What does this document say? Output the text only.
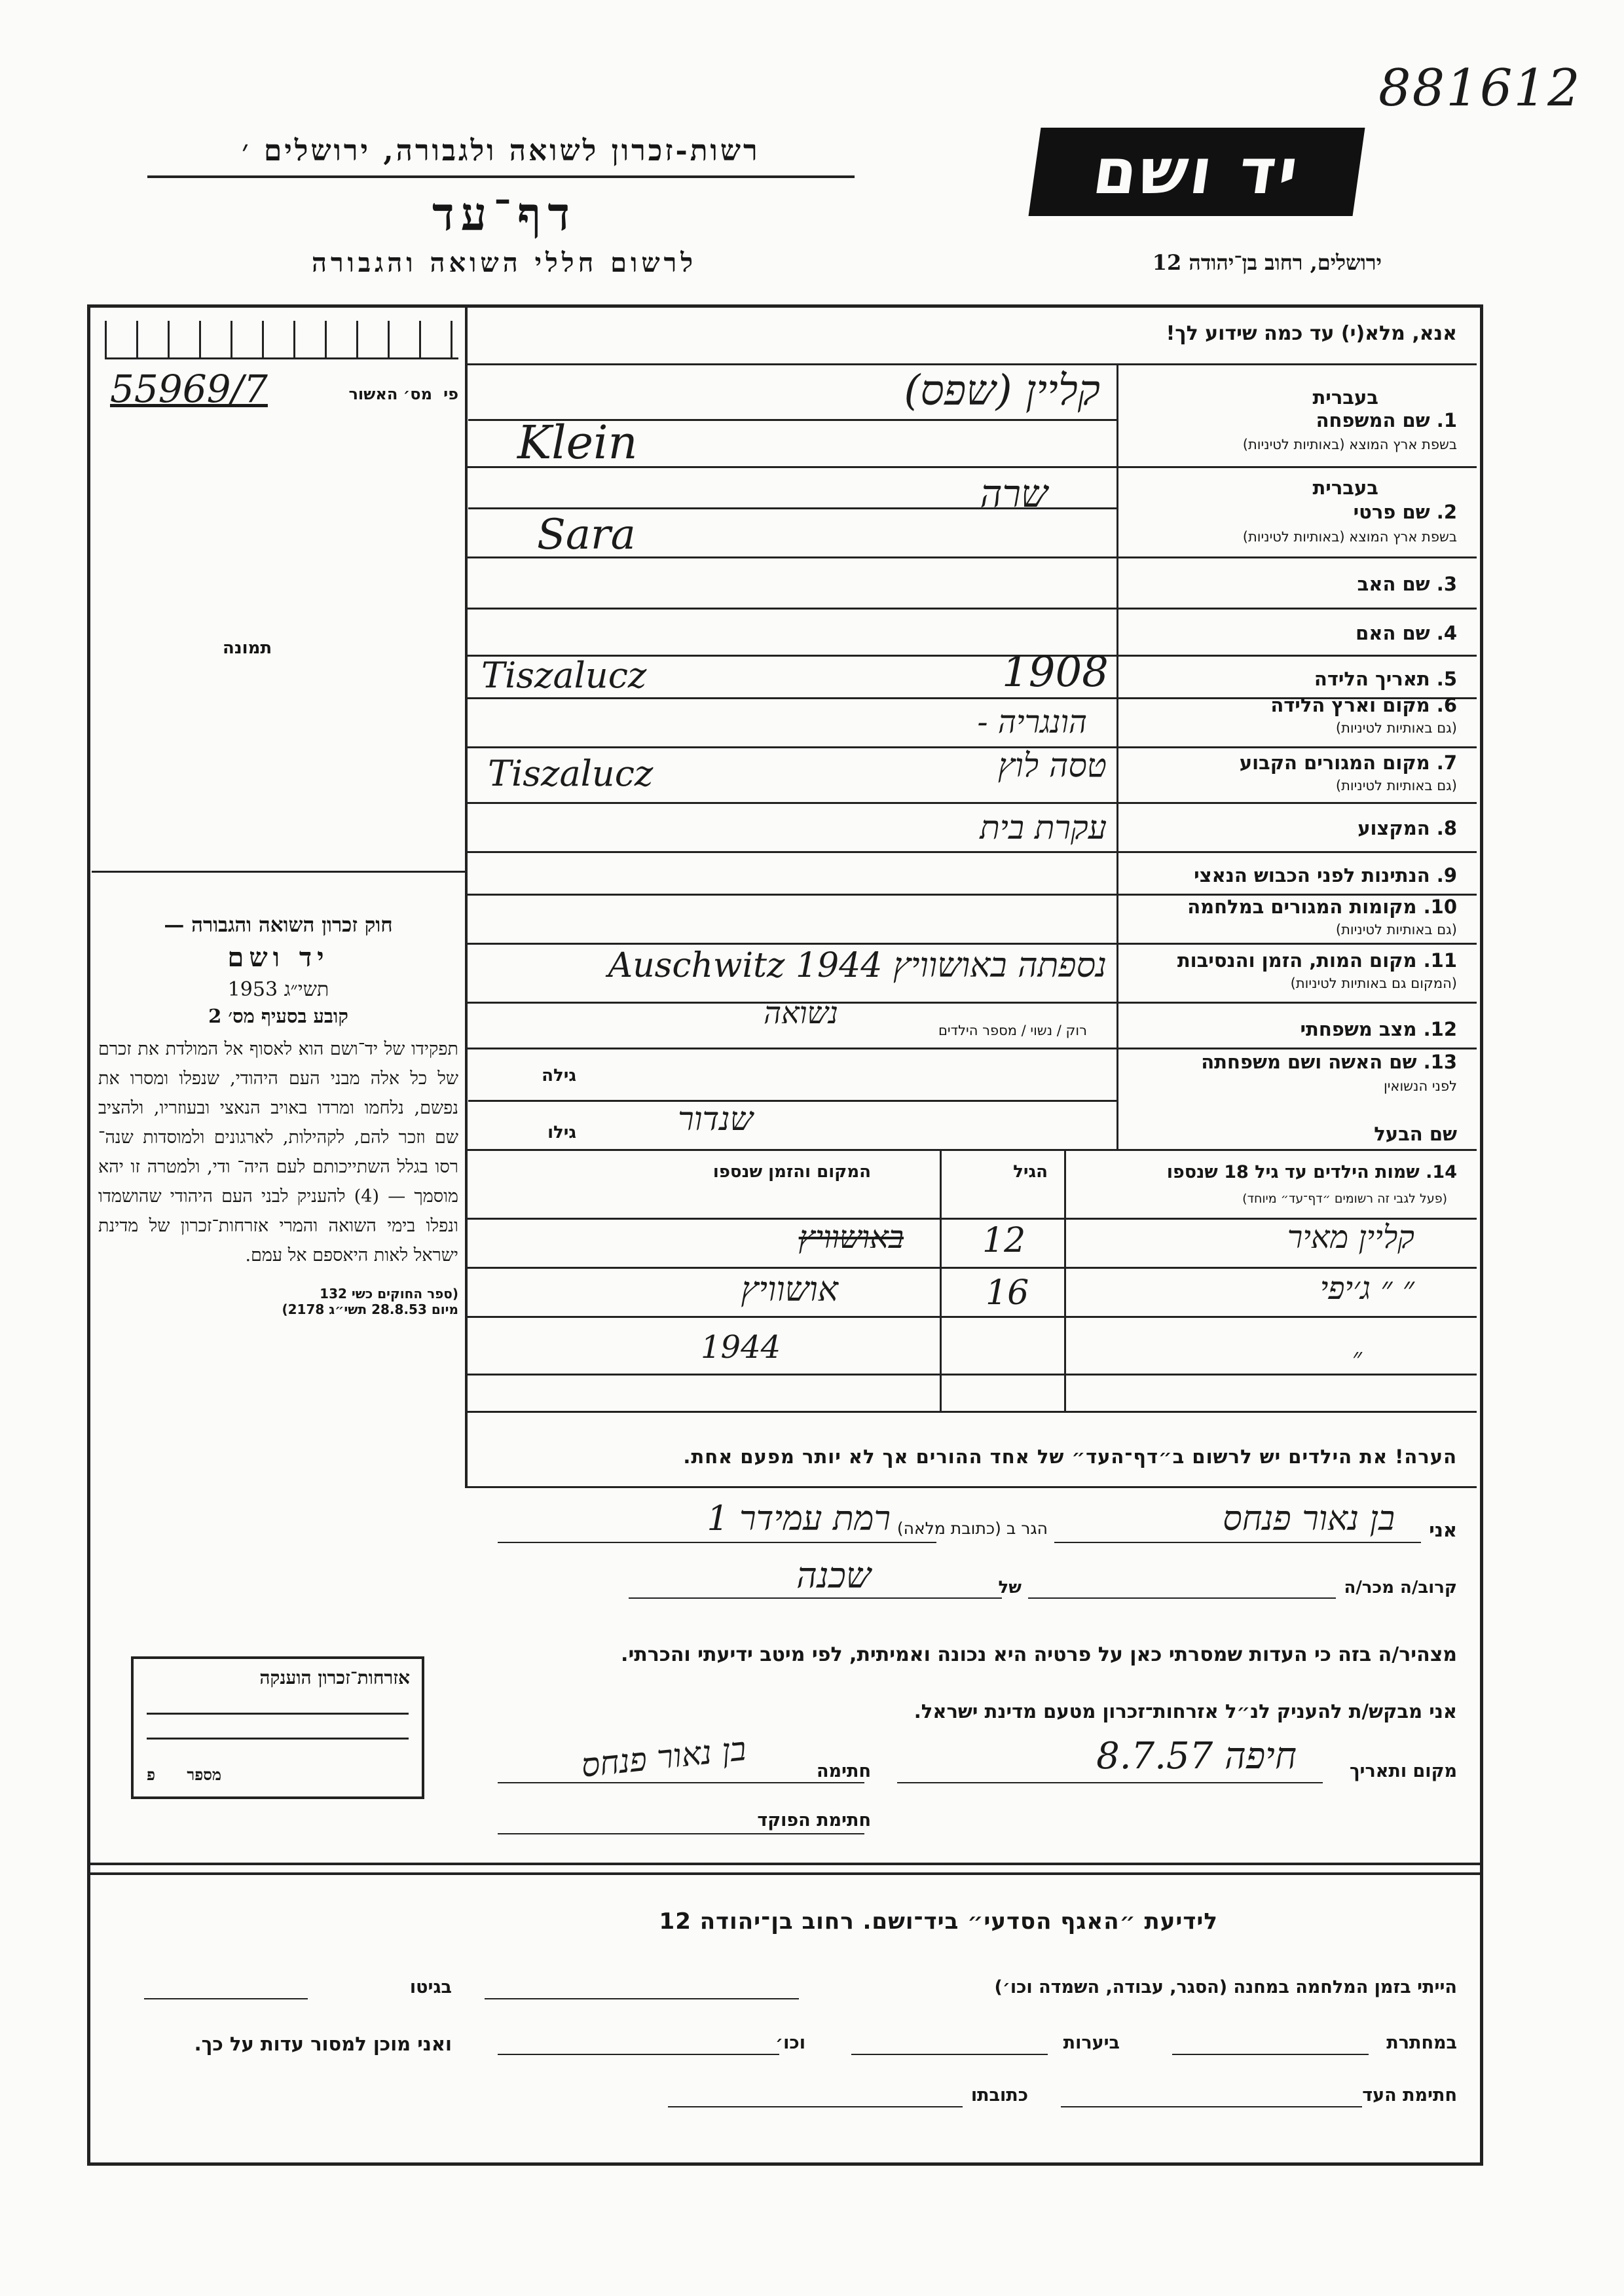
881612
רשות-זכרון לשואה ולגבורה, ירושלים ׳
דף־עד
לרשום חללי השואה והגבורה
יד ושם
ירושלים, רחוב בן־יהודה 12
פי
מס׳ האשור
55969/7
תמונה
חוק זכרון השואה והגבורה —
יד ושם
תשי״ג 1953
קובע בסעיף מס׳ 2
תפקידו של יד־ושם הוא לאסוף אל המולדת את זכרם של כל אלה מבני העם היהודי, שנפלו ומסרו את נפשם, נלחמו ומרדו באויב הנאצי ובעוזריו, ולהציב שם וזכר להם, לקהילות, לארגונים ולמוסדות שנה־ רסו בגלל השתייכותם לעם היה־ ודי, ולמטרה זו יהא מוסמך — (4) להעניק לבני העם היהודי שהושמדו ונפלו בימי השואה והמרי אזרחות־זכרון של מדינת ישראל לאות היאספם אל עמם.
(ספר החוקים כשי 132
מיום 28.8.53 תשי״ג 2178)
אזרחות־זכרון הוענקה
מספר פ
אנא, מלא(י) עד כמה שידוע לך!
בעברית
1. שם המשפחה
בשפת ארץ המוצא (באותיות לטיניות)
קליין (שפס)
Klein
בעברית
2. שם פרטי
בשפת ארץ המוצא (באותיות לטיניות)
שרה
Sara
3. שם האב
4. שם האם
5. תאריך הלידה
1908
Tiszalucz
6. מקום וארץ הלידה
(גם באותיות לטיניות)
הונגריה -
7. מקום המגורים הקבוע
(גם באותיות לטיניות)
טסה לוץ
Tiszalucz
8. המקצוע
עקרת בית
9. הנתינות לפני הכבוש הנאצי
10. מקומות המגורים במלחמה
(גם באותיות לטיניות)
11. מקום המות, הזמן והנסיבות
(המקום גם באותיות לטיניות)
נספתה באושוויץ 1944 Auschwitz
12. מצב משפחתי
רוק / נשוי / מספר הילדים
נשואה
13. שם האשה ושם משפחתה
לפני הנשואין
גילה
שם הבעל
גילו	שנדור
14. שמות הילדים עד גיל 18 שנספו
(פעל לגבי זה רשומים ״דף־עד״ מיוחד)
הגיל
המקום והזמן שנספו
קליין מאיר
12
באושוויץ
״ ״ ג׳יפי
16
אושוויץ
״
1944
הערה! את הילדים יש לרשום ב״דף־העד״ של אחד ההורים אך לא יותר מפעם אחת.
אני
בן נאור פנחס
הגר ב (כתובת מלאה)
רמת עמידר 1
קרוב/ה מכר/ה
של
שכנה
מצהיר/ה בזה כי העדות שמסרתי כאן על פרטיה היא נכונה ואמיתית, לפי מיטב ידיעתי והכרתי.
אני מבקש/ת להעניק לנ״ל אזרחות־זכרון מטעם מדינת ישראל.
מקום ותאריך
חיפה 8.7.57
חתימה
בן נאור פנחס
חתימת הפוקד
לידיעת ״האגף הסדעי״ ביד־ושם. רחוב בן־יהודה 12
הייתי בזמן המלחמה במחנה (הסגר, עבודה, השמדה וכו׳)
בגיטו
במחתרת
ביערות
וכו׳
ואני מוכן למסור עדות על כך.
חתימת העד
כתובתו
